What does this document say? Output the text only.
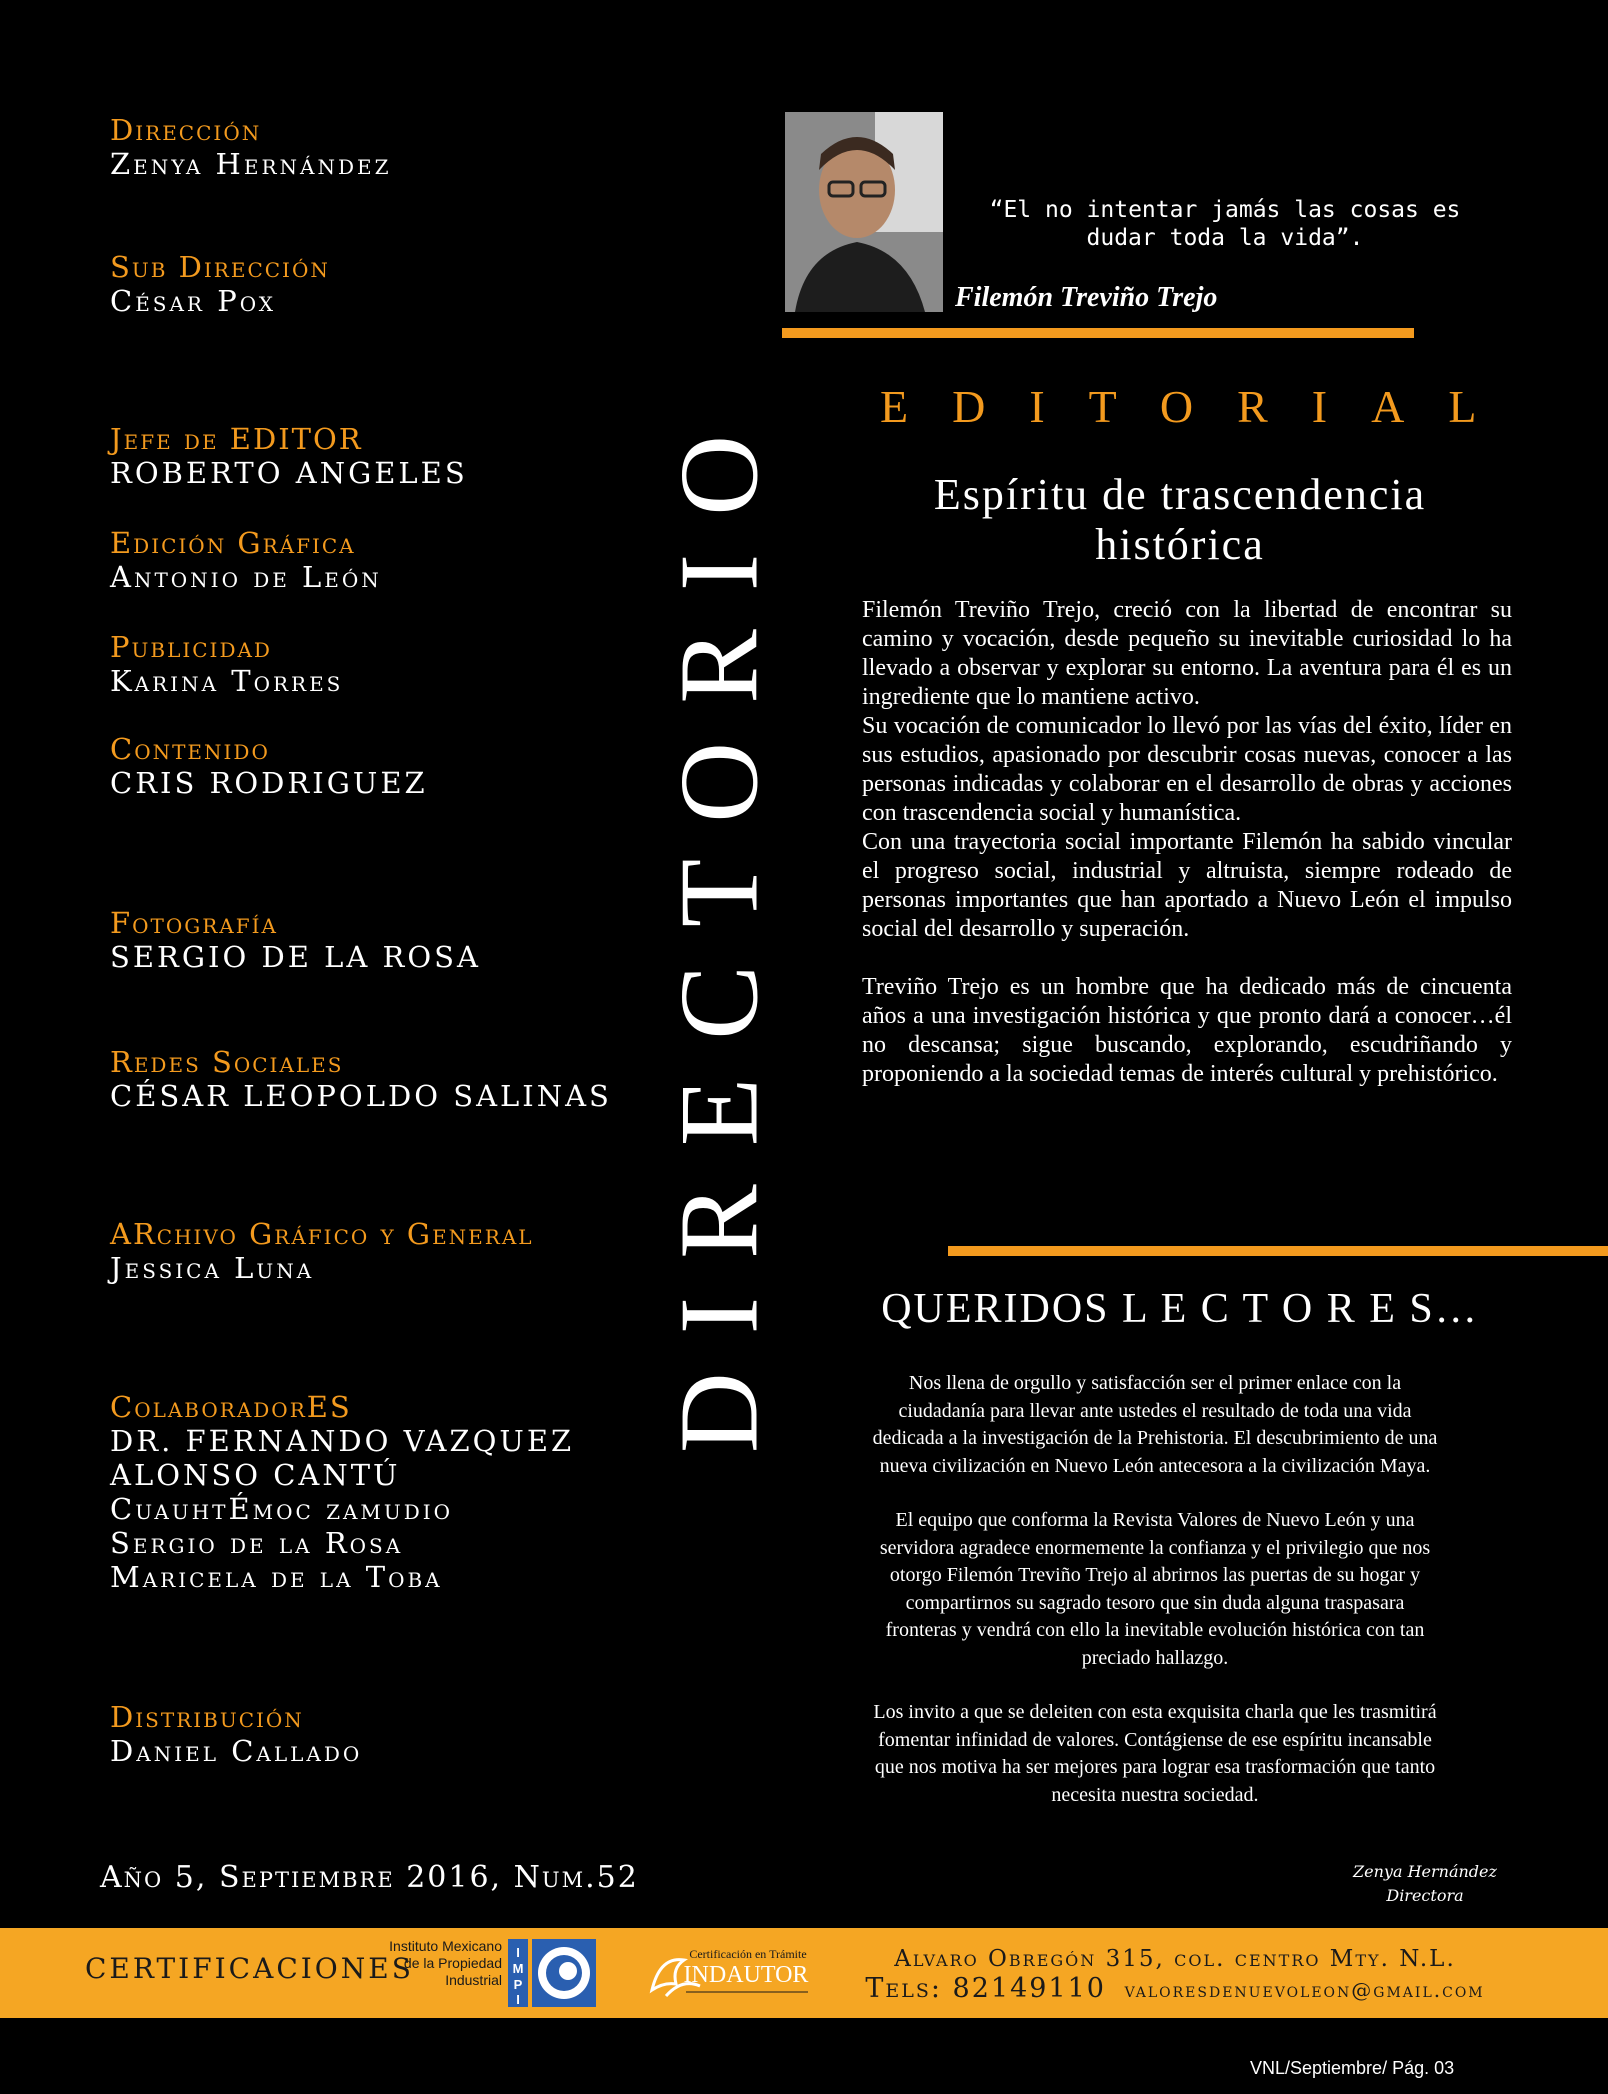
Dirección
Zenya Hernández
Sub Dirección
César Pox
Jefe de EDITOR
ROBERTO ANGELES
Edición Gráfica
Antonio de León
Publicidad
Karina Torres
Contenido
CRIS RODRIGUEZ
Fotografía
SERGIO DE LA ROSA
Redes Sociales
CÉSAR LEOPOLDO SALINAS
ARchivo Gráfico y General
Jessica Luna
ColaboradorES
DR. FERNANDO VAZQUEZ
ALONSO CANTÚ
CuauhtÉmoc zamudio
Sergio de la Rosa
Maricela de la Toba
Distribución
Daniel Callado
DIRECTORIO
“El no intentar jamás las cosas es dudar toda la vida”.
Filemón Treviño Trejo
EDITORIAL
Espíritu de trascendencia
histórica

Filemón Treviño Trejo, creció con la libertad de encontrar su camino y vocación, desde pequeño su inevitable curiosidad lo ha llevado a observar y explorar su entorno. La aventura para él es un ingrediente que lo mantiene activo.

Su vocación de comunicador lo llevó por las vías del éxito, líder en sus estudios, apasionado por descubrir cosas nuevas, conocer a las personas indicadas y colaborar en el desarrollo de obras y acciones con trascendencia social y humanística.

Con una trayectoria social importante Filemón ha sabido vincular el progreso social, industrial y altruista, siempre rodeado de personas importantes que han aportado a Nuevo León el impulso social del desarrollo y superación.

Treviño Trejo es un hombre que ha dedicado más de cincuenta años a una investigación histórica y que pronto dará a conocer…él no descansa; sigue buscando, explorando, escudriñando y proponiendo a la sociedad temas de interés cultural y prehistórico.

QUERIDOS L E C T O R E S…

Nos llena de orgullo y satisfacción ser el primer enlace con la ciudadanía para llevar ante ustedes el resultado de toda una vida dedicada a la investigación de la Prehistoria. El descubrimiento de una nueva civilización en Nuevo León antecesora a la civilización Maya.

El equipo que conforma la Revista Valores de Nuevo León y una servidora agradece enormemente la confianza y el privilegio que nos otorgo Filemón Treviño Trejo al abrirnos las puertas de su hogar y compartirnos su sagrado tesoro que sin duda alguna traspasara fronteras y vendrá con ello la inevitable evolución histórica con tan preciado hallazgo.

Los invito a que se deleiten con esta exquisita charla que les trasmitirá fomentar infinidad de valores. Contágiense de ese espíritu incansable que nos motiva ha ser mejores para lograr esa trasformación que tanto necesita nuestra sociedad.

Zenya Hernández
Directora
Año 5, Septiembre 2016, Num.52
CERTIFICACIONES
Instituto Mexicano de la Propiedad Industrial
I
M
P
I
Certificación en Trámite
INDAUTOR
Alvaro Obregón 315, col. centro Mty. N.L.
Tels: 82149110 valoresdenuevoleon@gmail.com
VNL/Septiembre/ Pág. 03
